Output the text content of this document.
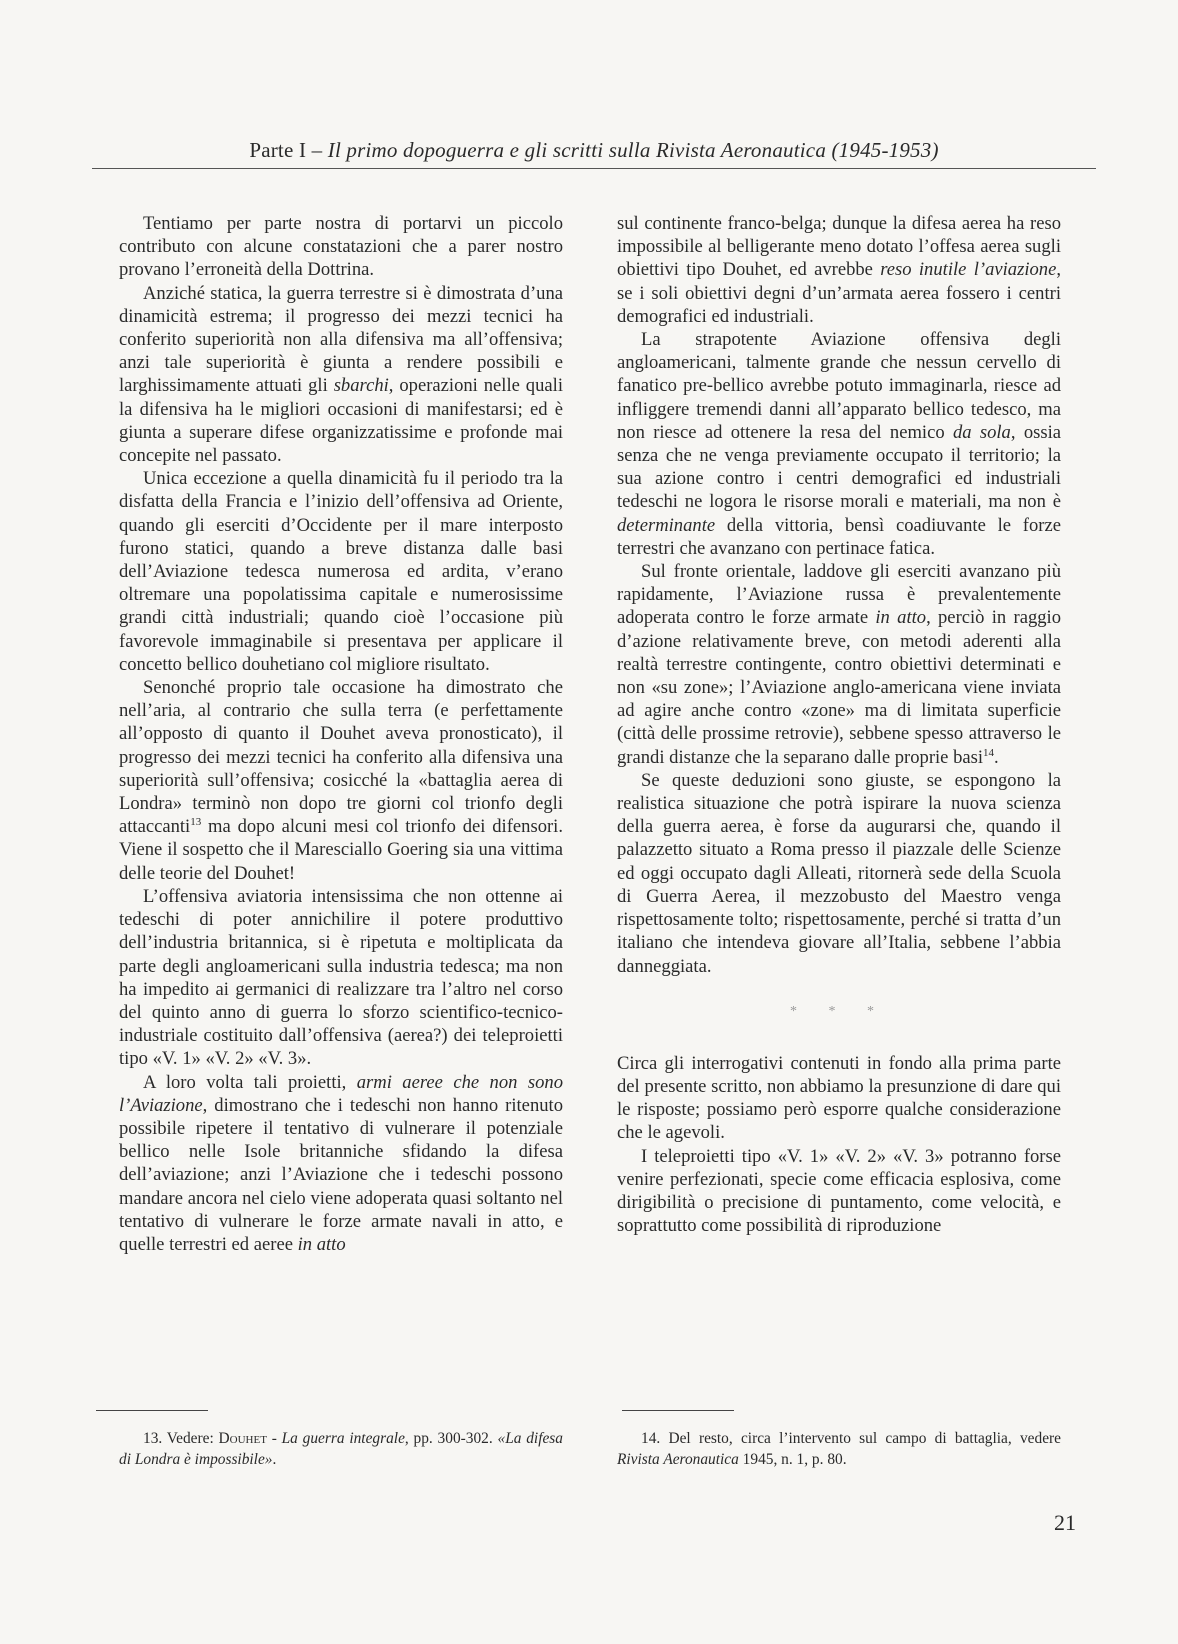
Parte I – Il primo dopoguerra e gli scritti sulla Rivista Aeronautica (1945-1953)

Tentiamo per parte nostra di portarvi un piccolo contributo con alcune constatazioni che a parer nostro provano l’erroneità della Dottrina.

Anziché statica, la guerra terrestre si è dimostrata d’una dinamicità estrema; il progresso dei mezzi tecnici ha conferito superiorità non alla difensiva ma all’offensiva; anzi tale superiorità è giunta a rendere possibili e larghissimamente attuati gli sbarchi, operazioni nelle quali la difensiva ha le migliori occasioni di manifestarsi; ed è giunta a superare difese organizzatissime e profonde mai concepite nel passato.

Unica eccezione a quella dinamicità fu il periodo tra la disfatta della Francia e l’inizio dell’offensiva ad Oriente, quando gli eserciti d’Occidente per il mare interposto furono statici, quando a breve distanza dalle basi dell’Aviazione tedesca numerosa ed ardita, v’erano oltremare una popolatissima capitale e numerosissime grandi città industriali; quando cioè l’occasione più favorevole immaginabile si presentava per applicare il concetto bellico douhetiano col migliore risultato.

Senonché proprio tale occasione ha dimostrato che nell’aria, al contrario che sulla terra (e perfettamente all’opposto di quanto il Douhet aveva pronosticato), il progresso dei mezzi tecnici ha conferito alla difensiva una superiorità sull’offensiva; cosicché la «battaglia aerea di Londra» terminò non dopo tre giorni col trionfo degli attaccanti$^{13}$ ma dopo alcuni mesi col trionfo dei difensori. Viene il sospetto che il Maresciallo Goering sia una vittima delle teorie del Douhet!

L’offensiva aviatoria intensissima che non ottenne ai tedeschi di poter annichilire il potere produttivo dell’industria britannica, si è ripetuta e moltiplicata da parte degli angloamericani sulla industria tedesca; ma non ha impedito ai germanici di realizzare tra l’altro nel corso del quinto anno di guerra lo sforzo scientifico-tecnico-industriale costituito dall’offensiva (aerea?) dei teleproietti tipo «V. 1» «V. 2» «V. 3».

A loro volta tali proietti, armi aeree che non sono l’Aviazione, dimostrano che i tedeschi non hanno ritenuto possibile ripetere il tentativo di vulnerare il potenziale bellico nelle Isole britanniche sfidando la difesa dell’aviazione; anzi l’Aviazione che i tedeschi possono mandare ancora nel cielo viene adoperata quasi soltanto nel tentativo di vulnerare le forze armate navali in atto, e quelle terrestri ed aeree in atto

sul continente franco-belga; dunque la difesa aerea ha reso impossibile al belligerante meno dotato l’offesa aerea sugli obiettivi tipo Douhet, ed avrebbe reso inutile l’aviazione, se i soli obiettivi degni d’un’armata aerea fossero i centri demografici ed industriali.

La strapotente Aviazione offensiva degli angloamericani, talmente grande che nessun cervello di fanatico pre-bellico avrebbe potuto immaginarla, riesce ad infliggere tremendi danni all’apparato bellico tedesco, ma non riesce ad ottenere la resa del nemico da sola, ossia senza che ne venga previamente occupato il territorio; la sua azione contro i centri demografici ed industriali tedeschi ne logora le risorse morali e materiali, ma non è determinante della vittoria, bensì coadiuvante le forze terrestri che avanzano con pertinace fatica.

Sul fronte orientale, laddove gli eserciti avanzano più rapidamente, l’Aviazione russa è prevalentemente adoperata contro le forze armate in atto, perciò in raggio d’azione relativamente breve, con metodi aderenti alla realtà terrestre contingente, contro obiettivi determinati e non «su zone»; l’Aviazione anglo-americana viene inviata ad agire anche contro «zone» ma di limitata superficie (città delle prossime retrovie), sebbene spesso attraverso le grandi distanze che la separano dalle proprie basi$^{14}$.

Se queste deduzioni sono giuste, se espongono la realistica situazione che potrà ispirare la nuova scienza della guerra aerea, è forse da augurarsi che, quando il palazzetto situato a Roma presso il piazzale delle Scienze ed oggi occupato dagli Alleati, ritornerà sede della Scuola di Guerra Aerea, il mezzobusto del Maestro venga rispettosamente tolto; rispettosamente, perché si tratta d’un italiano che intendeva giovare all’Italia, sebbene l’abbia danneggiata.

* * *

Circa gli interrogativi contenuti in fondo alla prima parte del presente scritto, non abbiamo la presunzione di dare qui le risposte; possiamo però esporre qualche considerazione che le agevoli.

I teleproietti tipo «V. 1» «V. 2» «V. 3» potranno forse venire perfezionati, specie come efficacia esplosiva, come dirigibilità o precisione di puntamento, come velocità, e soprattutto come possibilità di riproduzione

13. Vedere: Douhet - La guerra integrale, pp. 300-302. «La difesa di Londra è impossibile».

14. Del resto, circa l’intervento sul campo di battaglia, vedere Rivista Aeronautica 1945, n. 1, p. 80.

21
